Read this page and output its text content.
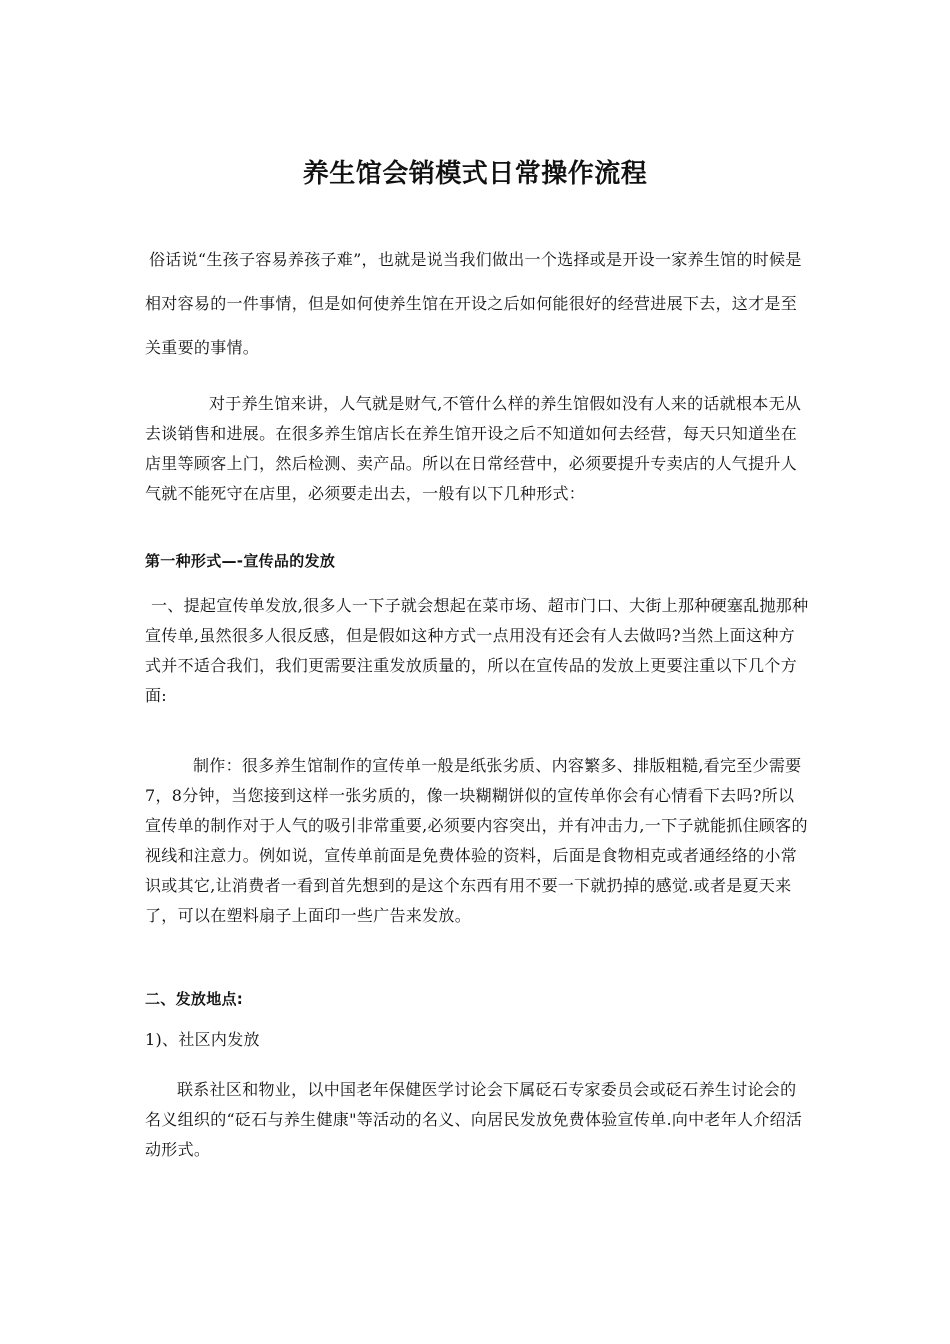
养生馆会销模式日常操作流程
俗话说“生孩子容易养孩子难”，也就是说当我们做出一个选择或是开设一家养生馆的时候是相对容易的一件事情，但是如何使养生馆在开设之后如何能很好的经营进展下去，这才是至关重要的事情。
对于养生馆来讲，人气就是财气,不管什么样的养生馆假如没有人来的话就根本无从去谈销售和进展。在很多养生馆店长在养生馆开设之后不知道如何去经营，每天只知道坐在店里等顾客上门，然后检测、卖产品。所以在日常经营中，必须要提升专卖店的人气提升人气就不能死守在店里，必须要走出去，一般有以下几种形式：
第一种形式—-宣传品的发放
一、提起宣传单发放,很多人一下子就会想起在菜市场、超市门口、大街上那种硬塞乱抛那种宣传单,虽然很多人很反感，但是假如这种方式一点用没有还会有人去做吗?当然上面这种方式并不适合我们，我们更需要注重发放质量的，所以在宣传品的发放上更要注重以下几个方面:
制作：很多养生馆制作的宣传单一般是纸张劣质、内容繁多、排版粗糙,看完至少需要7，8分钟，当您接到这样一张劣质的，像一块糊糊饼似的宣传单你会有心情看下去吗?所以宣传单的制作对于人气的吸引非常重要,必须要内容突出，并有冲击力,一下子就能抓住顾客的视线和注意力。例如说，宣传单前面是免费体验的资料，后面是食物相克或者通经络的小常识或其它,让消费者一看到首先想到的是这个东西有用不要一下就扔掉的感觉.或者是夏天来了，可以在塑料扇子上面印一些广告来发放。
二、发放地点:
1)、社区内发放
联系社区和物业，以中国老年保健医学讨论会下属砭石专家委员会或砭石养生讨论会的名义组织的“砭石与养生健康"等活动的名义、向居民发放免费体验宣传单.向中老年人介绍活动形式。
